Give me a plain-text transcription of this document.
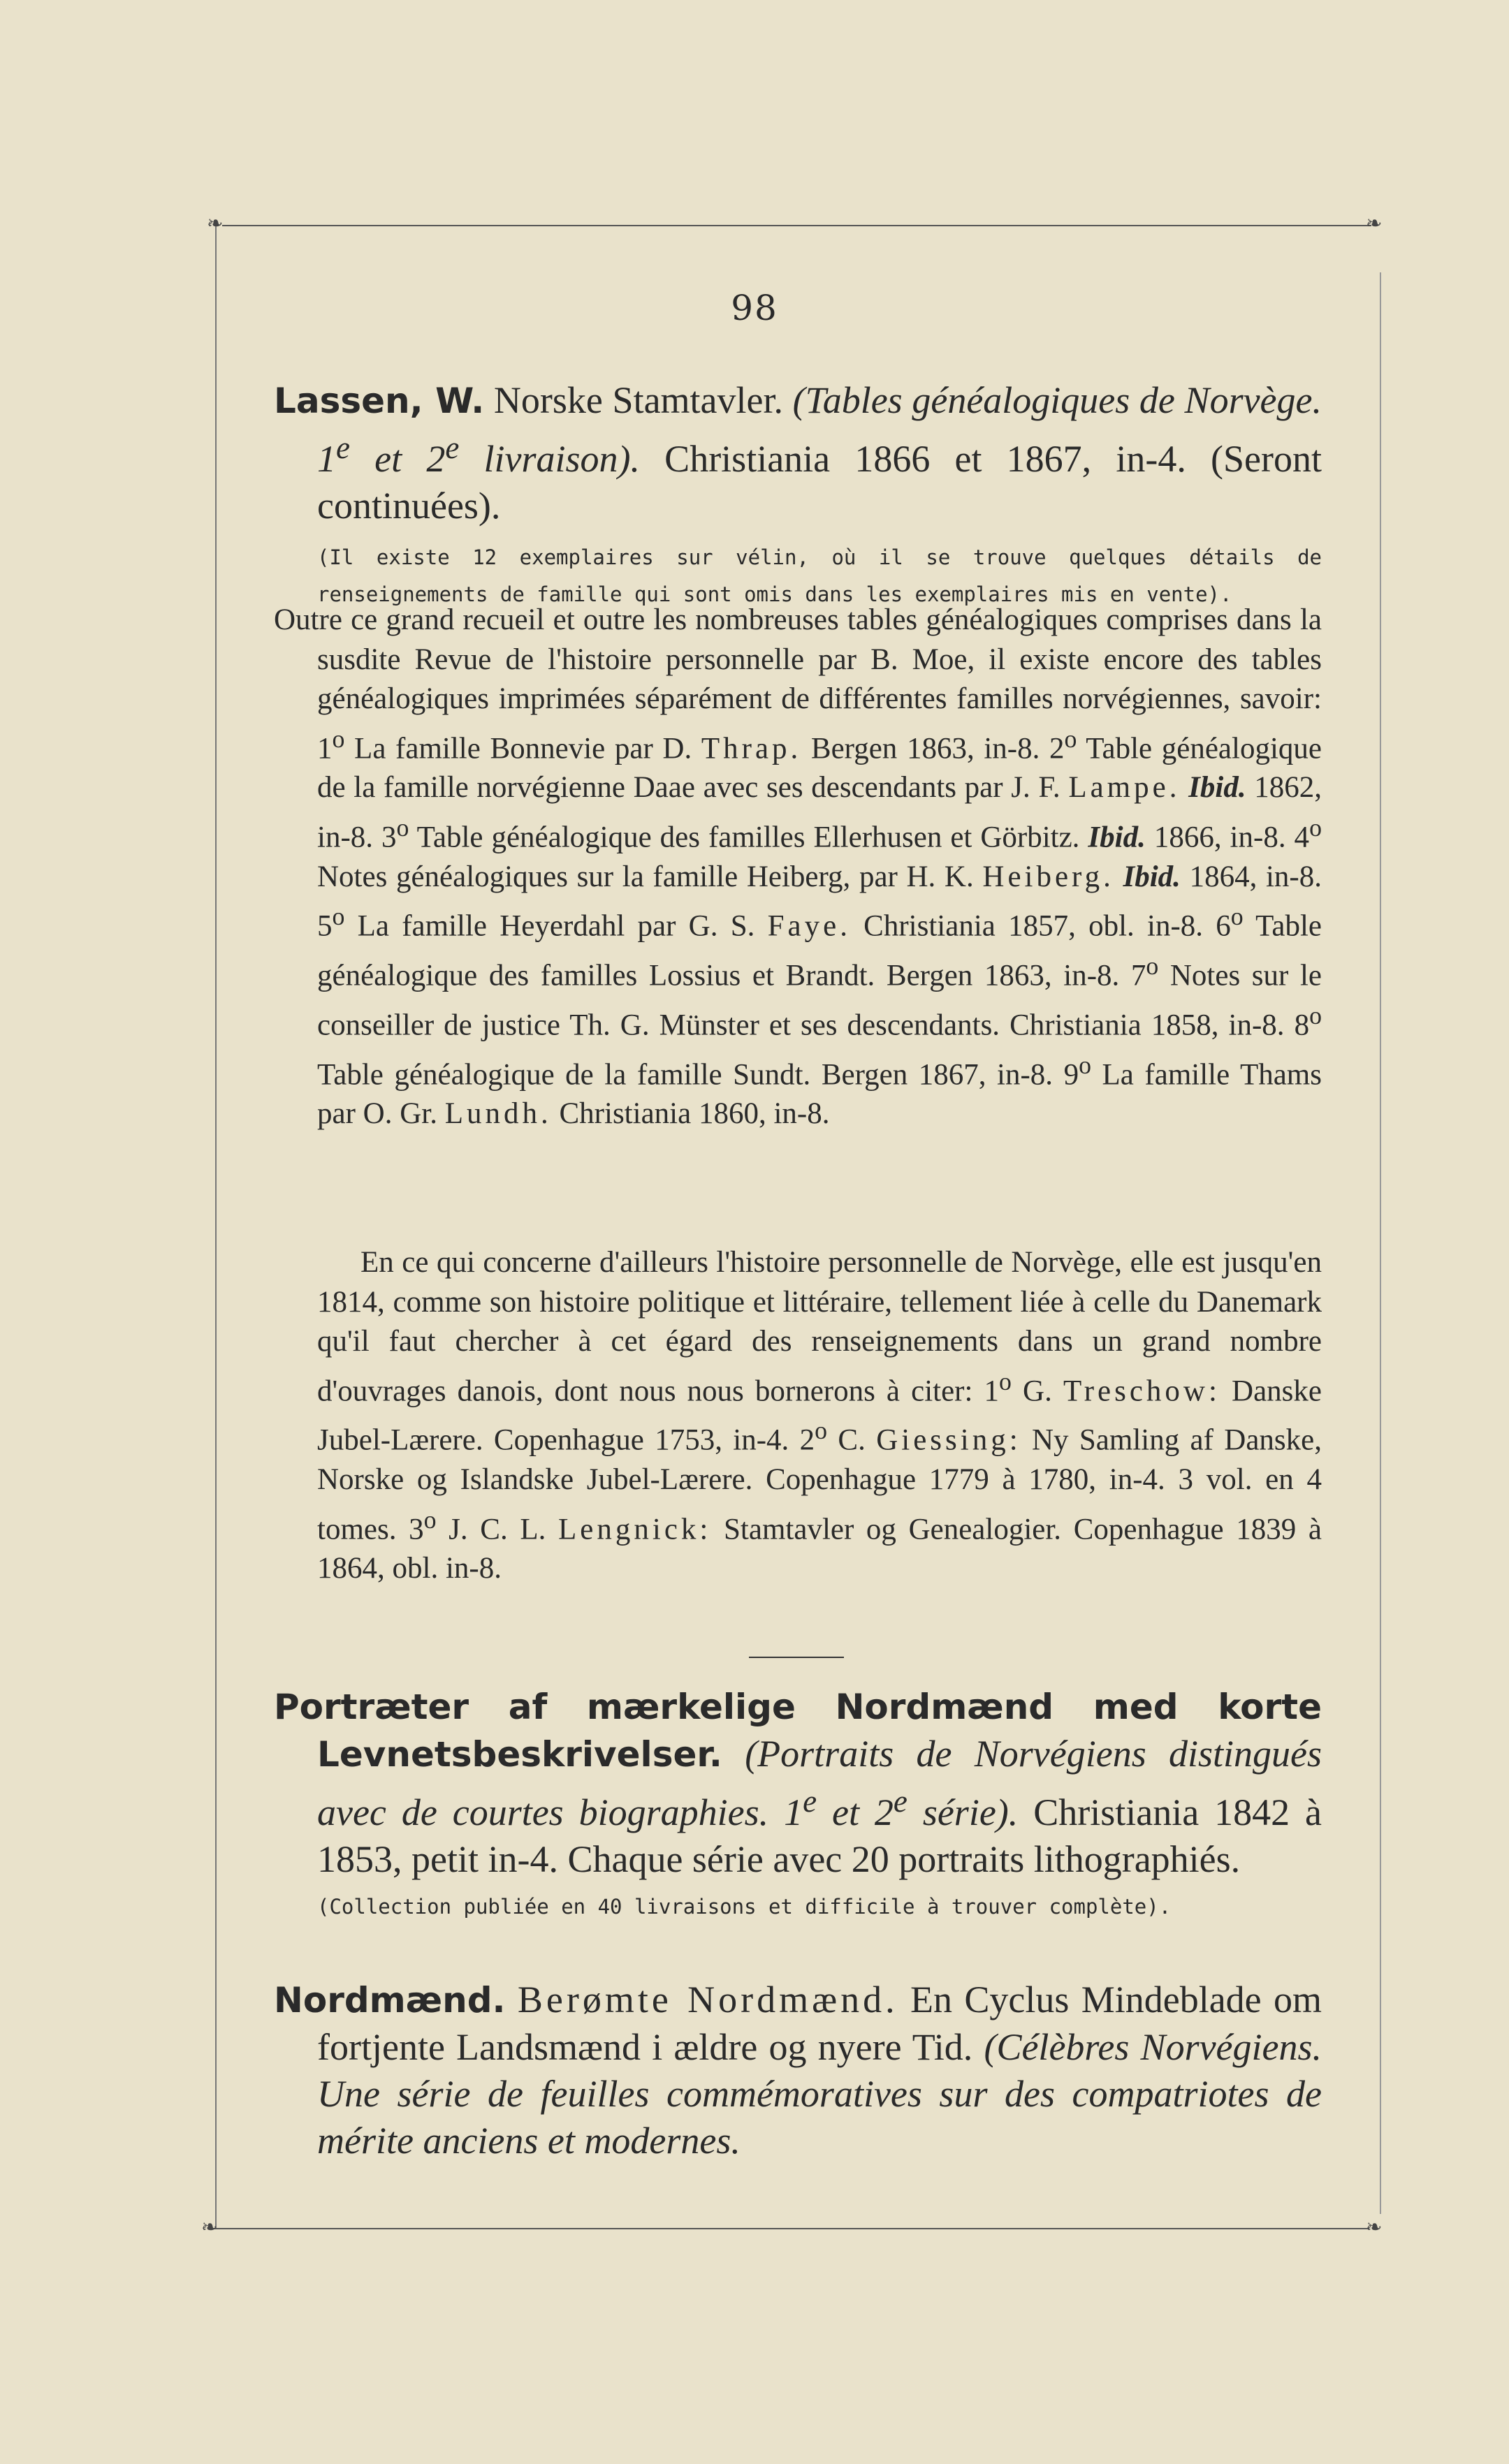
❧	❧
❧	❧
98
Lassen, W. Norske Stamtavler. (Tables généalogiques de Norvège. 1e et 2e livraison). Christiania 1866 et 1867, in-4. (Seront continuées).
(Il existe 12 exemplaires sur vélin, où il se trouve quelques détails de renseignements de famille qui sont omis dans les exemplaires mis en vente).
Outre ce grand recueil et outre les nombreuses tables généalogiques comprises dans la susdite Revue de l'histoire personnelle par B. Moe, il existe encore des tables généalogiques imprimées séparément de différentes familles norvégiennes, savoir: 1$^o$ La famille Bonnevie par D. Thrap. Bergen 1863, in-8. 2$^o$ Table généalogique de la famille norvégienne Daae avec ses descendants par J. F. Lampe. Ibid. 1862, in-8. 3$^o$ Table généalogique des familles Ellerhusen et Görbitz. Ibid. 1866, in-8. 4$^o$ Notes généalogiques sur la famille Heiberg, par H. K. Heiberg. Ibid. 1864, in-8. 5$^o$ La famille Heyerdahl par G. S. Faye. Christiania 1857, obl. in-8. 6$^o$ Table généalogique des familles Lossius et Brandt. Bergen 1863, in-8. 7$^o$ Notes sur le conseiller de justice Th. G. Münster et ses descendants. Christiania 1858, in-8. 8$^o$ Table généalogique de la famille Sundt. Bergen 1867, in-8. 9$^o$ La famille Thams par O. Gr. Lundh. Christiania 1860, in-8.
En ce qui concerne d'ailleurs l'histoire personnelle de Norvège, elle est jusqu'en 1814, comme son histoire politique et littéraire, tellement liée à celle du Danemark qu'il faut chercher à cet égard des renseignements dans un grand nombre d'ouvrages danois, dont nous nous bornerons à citer: 1$^o$ G. Treschow: Danske Jubel-Lærere. Copenhague 1753, in-4. 2$^o$ C. Giessing: Ny Samling af Danske, Norske og Islandske Jubel-Lærere. Copenhague 1779 à 1780, in-4. 3 vol. en 4 tomes. 3$^o$ J. C. L. Lengnick: Stamtavler og Genealogier. Copenhague 1839 à 1864, obl. in-8.
Portræter af mærkelige Nordmænd med korte Levnetsbeskrivelser. (Portraits de Norvégiens distingués avec de courtes biographies. 1e et 2e série). Christiania 1842 à 1853, petit in-4. Chaque série avec 20 portraits lithographiés.
(Collection publiée en 40 livraisons et difficile à trouver complète).
Nordmænd. Berømte Nordmænd. En Cyclus Mindeblade om fortjente Landsmænd i ældre og nyere Tid. (Célèbres Norvégiens. Une série de feuilles commémoratives sur des compatriotes de mérite anciens et modernes.
